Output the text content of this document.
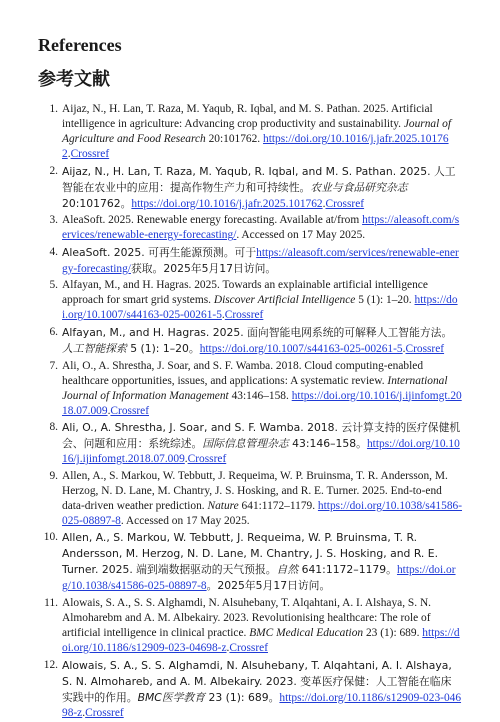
References
参考文献
1. Aijaz, N., H. Lan, T. Raza, M. Yaqub, R. Iqbal, and M. S. Pathan. 2025. Artificial intelligence in agriculture: Advancing crop productivity and sustainability. Journal of Agriculture and Food Research 20:101762. https://doi.org/10.1016/j.jafr.2025.101762.Crossref
2. Aijaz, N., H. Lan, T. Raza, M. Yaqub, R. Iqbal, and M. S. Pathan. 2025. 人工智能在农业中的应用：提高作物生产力和可持续性。农业与食品研究杂志 20:101762。https://doi.org/10.1016/j.jafr.2025.101762.Crossref
3. AleaSoft. 2025. Renewable energy forecasting. Available at/from https://aleasoft.com/services/renewable-energy-forecasting/. Accessed on 17 May 2025.
4. AleaSoft. 2025. 可再生能源预测。可于https://aleasoft.com/services/renewable-energy-forecasting/获取。2025年5月17日访问。
5. Alfayan, M., and H. Hagras. 2025. Towards an explainable artificial intelligence approach for smart grid systems. Discover Artificial Intelligence 5 (1): 1–20. https://doi.org/10.1007/s44163-025-00261-5.Crossref
6. Alfayan, M., and H. Hagras. 2025. 面向智能电网系统的可解释人工智能方法。人工智能探索 5 (1): 1–20。https://doi.org/10.1007/s44163-025-00261-5.Crossref
7. Ali, O., A. Shrestha, J. Soar, and S. F. Wamba. 2018. Cloud computing-enabled healthcare opportunities, issues, and applications: A systematic review. International Journal of Information Management 43:146–158. https://doi.org/10.1016/j.ijinfomgt.2018.07.009.Crossref
8. Ali, O., A. Shrestha, J. Soar, and S. F. Wamba. 2018. 云计算支持的医疗保健机会、问题和应用：系统综述。国际信息管理杂志 43:146–158。https://doi.org/10.1016/j.ijinfomgt.2018.07.009.Crossref
9. Allen, A., S. Markou, W. Tebbutt, J. Requeima, W. P. Bruinsma, T. R. Andersson, M. Herzog, N. D. Lane, M. Chantry, J. S. Hosking, and R. E. Turner. 2025. End-to-end data-driven weather prediction. Nature 641:1172–1179. https://doi.org/10.1038/s41586-025-08897-8. Accessed on 17 May 2025.
10. Allen, A., S. Markou, W. Tebbutt, J. Requeima, W. P. Bruinsma, T. R. Andersson, M. Herzog, N. D. Lane, M. Chantry, J. S. Hosking, and R. E. Turner. 2025. 端到端数据驱动的天气预报。自然 641:1172–1179。https://doi.org/10.1038/s41586-025-08897-8。2025年5月17日访问。
11. Alowais, S. A., S. S. Alghamdi, N. Alsuhebany, T. Alqahtani, A. I. Alshaya, S. N. Almoharebm and A. M. Albekairy. 2023. Revolutionising healthcare: The role of artificial intelligence in clinical practice. BMC Medical Education 23 (1): 689. https://doi.org/10.1186/s12909-023-04698-z.Crossref
12. Alowais, S. A., S. S. Alghamdi, N. Alsuhebany, T. Alqahtani, A. I. Alshaya, S. N. Almohareb, and A. M. Albekairy. 2023. 变革医疗保健：人工智能在临床实践中的作用。BMC医学教育 23 (1): 689。https://doi.org/10.1186/s12909-023-04698-z.Crossref
